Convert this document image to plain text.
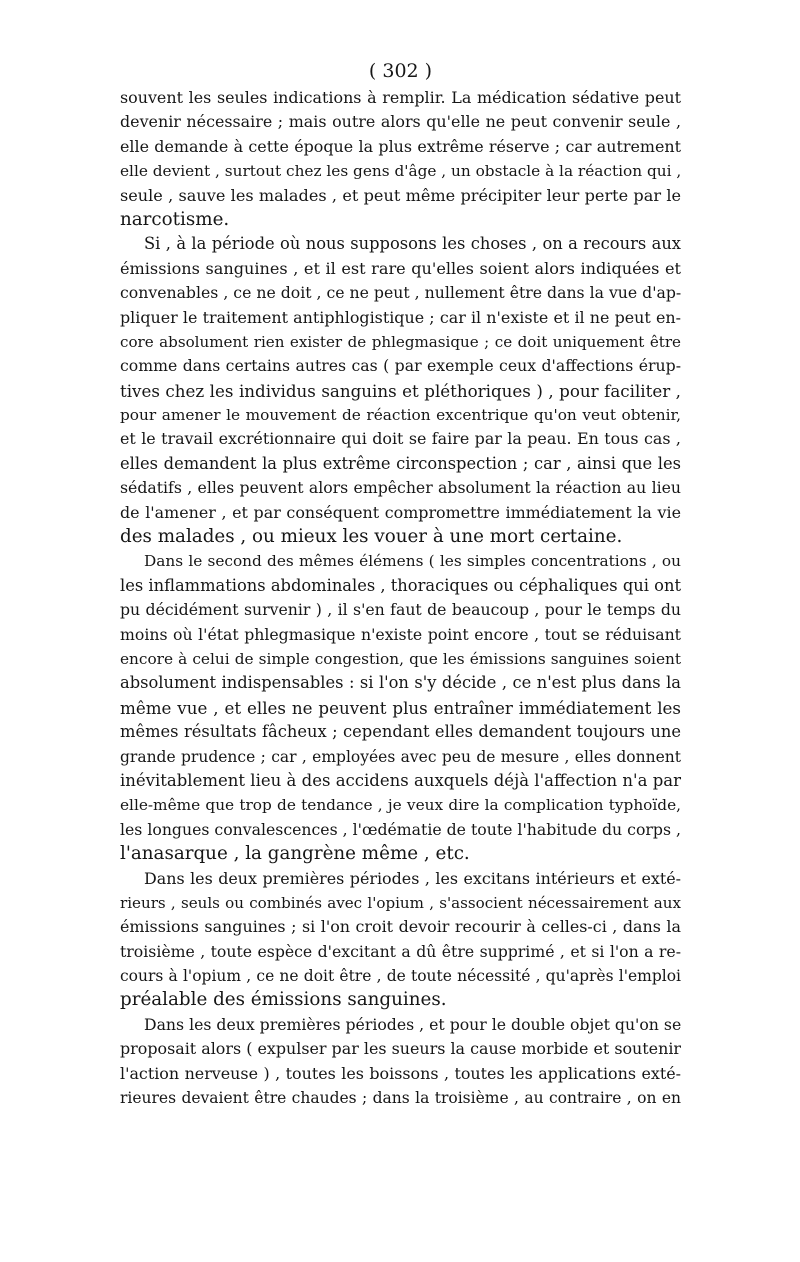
( 302 )
souvent les seules indications à remplir. La médication sédative peut
devenir nécessaire ; mais outre alors qu'elle ne peut convenir seule ,
elle demande à cette époque la plus extrême réserve ; car autrement
elle devient , surtout chez les gens d'âge , un obstacle à la réaction qui ,
seule , sauve les malades , et peut même précipiter leur perte par le
narcotisme.
Si , à la période où nous supposons les choses , on a recours aux
émissions sanguines , et il est rare qu'elles soient alors indiquées et
convenables , ce ne doit , ce ne peut , nullement être dans la vue d'ap-
pliquer le traitement antiphlogistique ; car il n'existe et il ne peut en-
core absolument rien exister de phlegmasique ; ce doit uniquement être
comme dans certains autres cas ( par exemple ceux d'affections érup-
tives chez les individus sanguins et pléthoriques ) , pour faciliter ,
pour amener le mouvement de réaction excentrique qu'on veut obtenir,
et le travail excrétionnaire qui doit se faire par la peau. En tous cas ,
elles demandent la plus extrême circonspection ; car , ainsi que les
sédatifs , elles peuvent alors empêcher absolument la réaction au lieu
de l'amener , et par conséquent compromettre immédiatement la vie
des malades , ou mieux les vouer à une mort certaine.
Dans le second des mêmes élémens ( les simples concentrations , ou
les inflammations abdominales , thoraciques ou céphaliques qui ont
pu décidément survenir ) , il s'en faut de beaucoup , pour le temps du
moins où l'état phlegmasique n'existe point encore , tout se réduisant
encore à celui de simple congestion, que les émissions sanguines soient
absolument indispensables : si l'on s'y décide , ce n'est plus dans la
même vue , et elles ne peuvent plus entraîner immédiatement les
mêmes résultats fâcheux ; cependant elles demandent toujours une
grande prudence ; car , employées avec peu de mesure , elles donnent
inévitablement lieu à des accidens auxquels déjà l'affection n'a par
elle-même que trop de tendance , je veux dire la complication typhoïde,
les longues convalescences , l'œdématie de toute l'habitude du corps ,
l'anasarque , la gangrène même , etc.
Dans les deux premières périodes , les excitans intérieurs et exté-
rieurs , seuls ou combinés avec l'opium , s'associent nécessairement aux
émissions sanguines ; si l'on croit devoir recourir à celles-ci , dans la
troisième , toute espèce d'excitant a dû être supprimé , et si l'on a re-
cours à l'opium , ce ne doit être , de toute nécessité , qu'après l'emploi
préalable des émissions sanguines.
Dans les deux premières périodes , et pour le double objet qu'on se
proposait alors ( expulser par les sueurs la cause morbide et soutenir
l'action nerveuse ) , toutes les boissons , toutes les applications exté-
rieures devaient être chaudes ; dans la troisième , au contraire , on en
